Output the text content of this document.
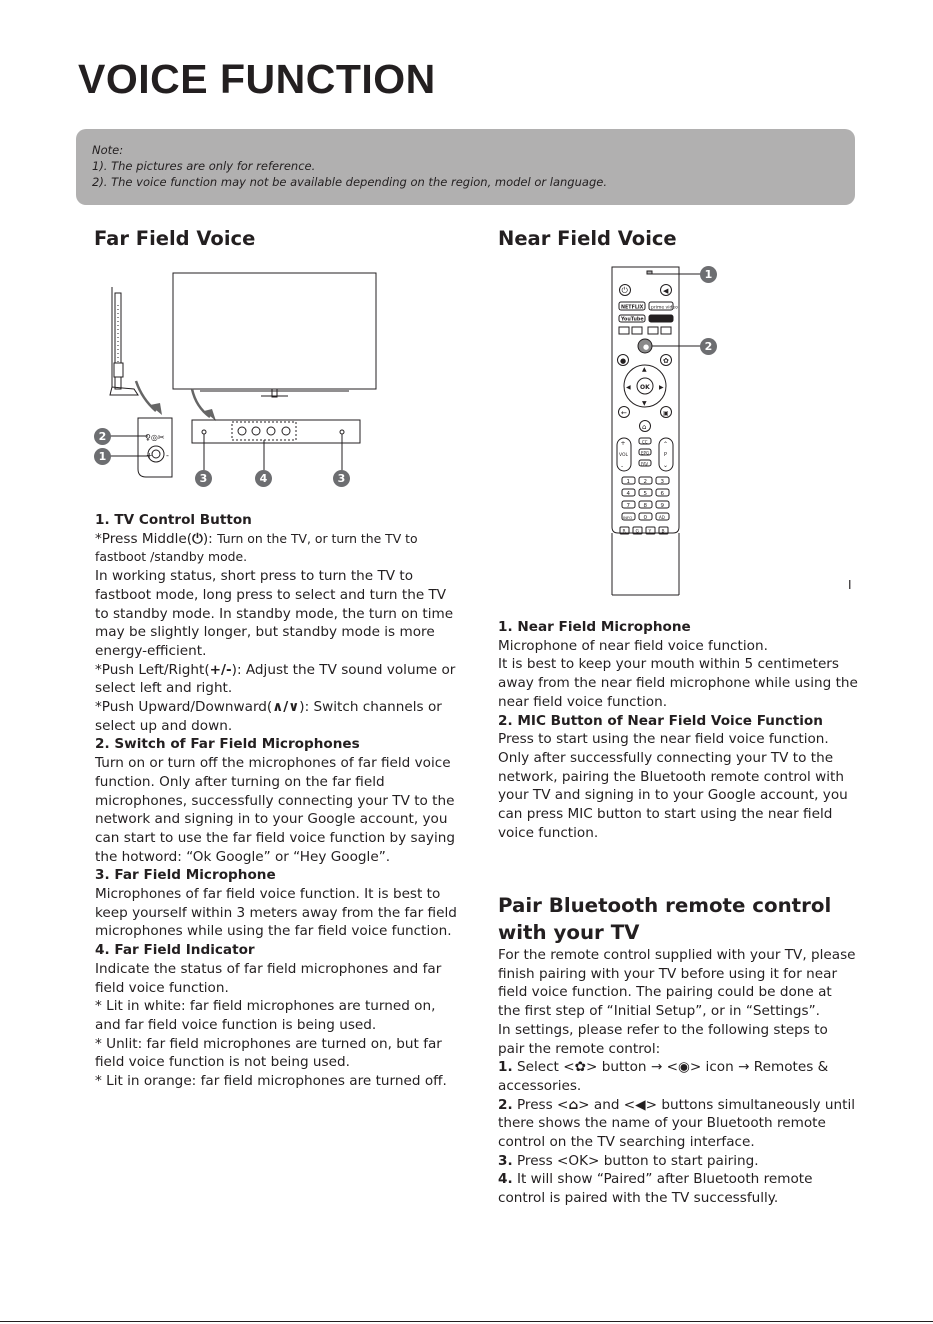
VOICE FUNCTION
Note:
1). The pictures are only for reference.
2). The voice function may not be available depending on the region, model or language.
Far Field Voice	Near Field Voice
♀◎✂
+ -
2
1
3	4	3
⏻	◀
NETFLIX prime video
YouTube
●
●	✿
▲
▼
◀	▶
OK
←	▣
⌂
+
VOL
-
⌃
P
⌄
CC
EPG
FAV
1 2 3
4 5 6
7 8 9
INFO 0	AD
R G Y B
1
2
I

1. TV Control Button

*Press Middle(⏻): Turn on the TV, or turn the TV to fastboot /standby mode.

In working status, short press to turn the TV to fastboot mode, long press to select and turn the TV to standby mode. In standby mode, the turn on time may be slightly longer, but standby mode is more energy-efficient.

*Push Left/Right(+/-): Adjust the TV sound volume or select left and right.

*Push Upward/Downward(∧/∨): Switch channels or select up and down.

2. Switch of Far Field Microphones

Turn on or turn off the microphones of far field voice function. Only after turning on the far field microphones, successfully connecting your TV to the network and signing in to your Google account, you can start to use the far field voice function by saying the hotword: “Ok Google” or “Hey Google”.

3. Far Field Microphone

Microphones of far field voice function. It is best to keep yourself within 3 meters away from the far field microphones while using the far field voice function.

4. Far Field Indicator

Indicate the status of far field microphones and far field voice function.

* Lit in white: far field microphones are turned on, and far field voice function is being used.

* Unlit: far field microphones are turned on, but far field voice function is not being used.

* Lit in orange: far field microphones are turned off.

1. Near Field Microphone

Microphone of near field voice function.

It is best to keep your mouth within 5 centimeters away from the near field microphone while using the near field voice function.

2. MIC Button of Near Field Voice Function

Press to start using the near field voice function. Only after successfully connecting your TV to the network, pairing the Bluetooth remote control with your TV and signing in to your Google account, you can press MIC button to start using the near field voice function.

Pair Bluetooth remote control with your TV

For the remote control supplied with your TV, please finish pairing with your TV before using it for near field voice function. The pairing could be done at the first step of “Initial Setup”, or in “Settings”.

In settings, please refer to the following steps to pair the remote control:

1. Select <✿> button → <◉> icon → Remotes & accessories.

2. Press <⌂> and <◀> buttons simultaneously until there shows the name of your Bluetooth remote control on the TV searching interface.

3. Press <OK> button to start pairing.

4. It will show “Paired” after Bluetooth remote control is paired with the TV successfully.
